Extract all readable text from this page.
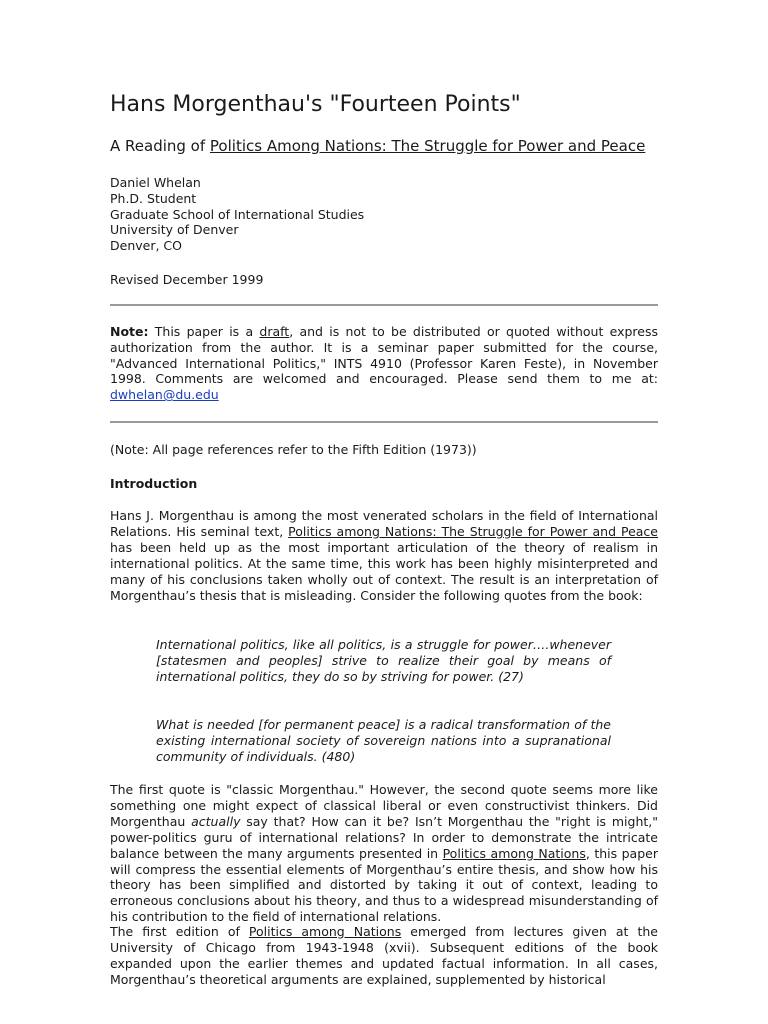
Hans Morgenthau's "Fourteen Points"
A Reading of Politics Among Nations: The Struggle for Power and Peace
Daniel Whelan
Ph.D. Student
Graduate School of International Studies
University of Denver
Denver, CO
Revised December 1999
Note: This paper is a draft, and is not to be distributed or quoted without express authorization from the author. It is a seminar paper submitted for the course, "Advanced International Politics," INTS 4910 (Professor Karen Feste), in November 1998. Comments are welcomed and encouraged. Please send them to me at: dwhelan@du.edu
(Note: All page references refer to the Fifth Edition (1973))
Introduction

Hans J. Morgenthau is among the most venerated scholars in the field of International Relations. His seminal text, Politics among Nations: The Struggle for Power and Peace has been held up as the most important articulation of the theory of realism in international politics. At the same time, this work has been highly misinterpreted and many of his conclusions taken wholly out of context. The result is an interpretation of Morgenthau’s thesis that is misleading. Consider the following quotes from the book:

International politics, like all politics, is a struggle for power….whenever [statesmen and peoples] strive to realize their goal by means of international politics, they do so by striving for power. (27)

What is needed [for permanent peace] is a radical transformation of the existing international society of sovereign nations into a supranational community of individuals. (480)

The first quote is "classic Morgenthau." However, the second quote seems more like something one might expect of classical liberal or even constructivist thinkers. Did Morgenthau actually say that? How can it be? Isn’t Morgenthau the "right is might," power-politics guru of international relations? In order to demonstrate the intricate balance between the many arguments presented in Politics among Nations, this paper will compress the essential elements of Morgenthau’s entire thesis, and show how his theory has been simplified and distorted by taking it out of context, leading to erroneous conclusions about his theory, and thus to a widespread misunderstanding of his contribution to the field of international relations.

The first edition of Politics among Nations emerged from lectures given at the University of Chicago from 1943-1948 (xvii). Subsequent editions of the book expanded upon the earlier themes and updated factual information. In all cases, Morgenthau’s theoretical arguments are explained, supplemented by historical
